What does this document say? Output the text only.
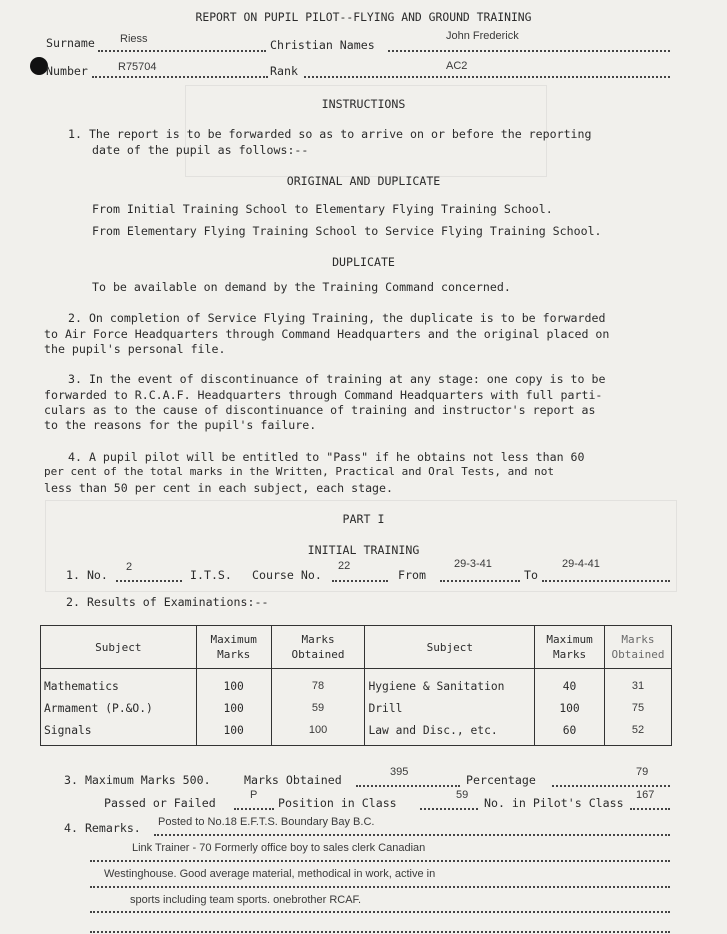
REPORT ON PUPIL PILOT--FLYING AND GROUND TRAINING
Surname Riess	Christian Names
John Frederick
Number	R75704	Rank	AC2
INSTRUCTIONS
1. The report is to be forwarded so as to arrive on or before the reporting
date of the pupil as follows:--
ORIGINAL AND DUPLICATE
From Initial Training School to Elementary Flying Training School.
From Elementary Flying Training School to Service Flying Training School.
DUPLICATE
To be available on demand by the Training Command concerned.
2. On completion of Service Flying Training, the duplicate is to be forwarded
to Air Force Headquarters through Command Headquarters and the original placed on
the pupil's personal file.
3. In the event of discontinuance of training at any stage: one copy is to be
forwarded to R.C.A.F. Headquarters through Command Headquarters with full parti-
culars as to the cause of discontinuance of training and instructor's report as
to the reasons for the pupil's failure.
4. A pupil pilot will be entitled to "Pass" if he obtains not less than 60
per cent of the total marks in the Written, Practical and Oral Tests, and not
less than 50 per cent in each subject, each stage.
PART I
INITIAL TRAINING
1. No.
2
I.T.S. Course No.
22
From
29-3-41
To
29-4-41
2. Results of Examinations:--
Subject	Maximum Marks	Marks Obtained	Subject	Maximum Marks	Marks Obtained
Mathematics	100	78	Hygiene & Sanitation	40	31
Armament (P.&O.)	100	59	Drill	100	75
Signals	100	100	Law and Disc., etc.	60	52
3. Maximum Marks 500.	Marks Obtained
395
Percentage
79
Passed or Failed
P
Position in Class
59
No. in Pilot's Class
167
4. Remarks. Posted to No.18 E.F.T.S. Boundary Bay B.C.
Link Trainer - 70 Formerly office boy to sales clerk Canadian
Westinghouse. Good average material, methodical in work, active in
sports including team sports. onebrother RCAF.
